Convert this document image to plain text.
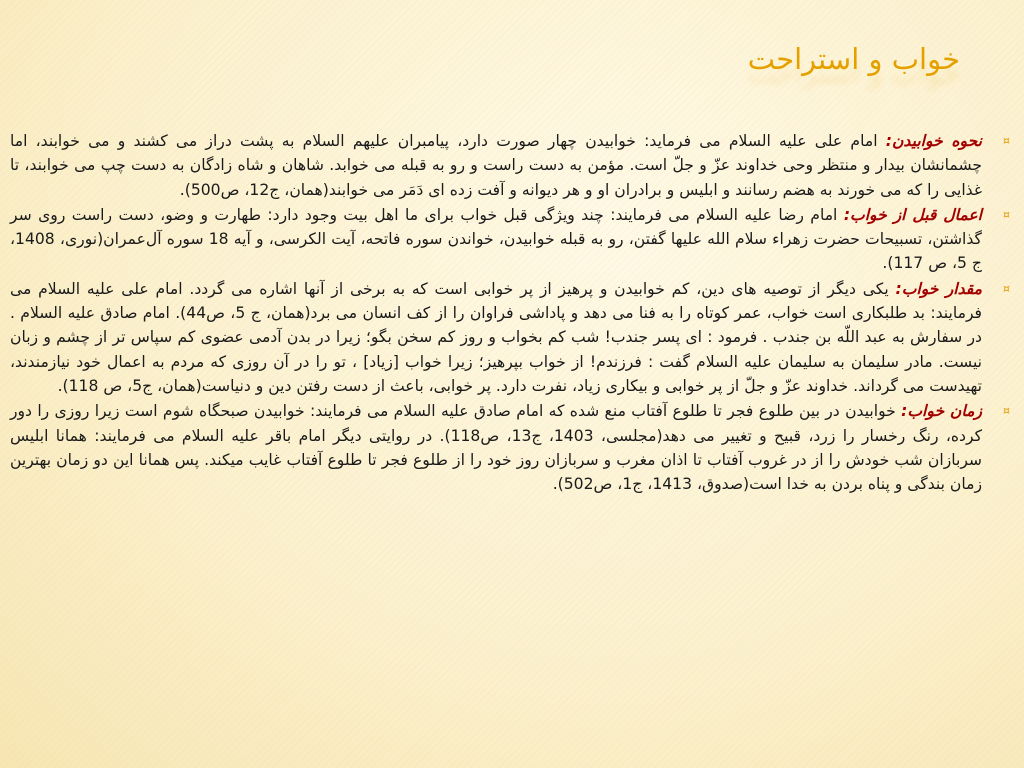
خواب و استراحت
¤
نحوه خوابیدن: امام علی علیه السلام می فرماید: خوابیدن چهار صورت دارد، پیامبران علیهم السلام به پشت دراز می کشند و می خوابند، اما چشمانشان بیدار و منتظر وحی خداوند عزّ و جلّ است. مؤمن به دست راست و رو به قبله می خوابد. شاهان و شاه زادگان به دست چپ می خوابند، تا غذایی را که می خورند به هضم رسانند و ابلیس و برادران او و هر دیوانه و آفت زده ای دَمَر می خوابند(همان، ج12، ص500).
¤
اعمال قبل از خواب: امام رضا علیه السلام می فرمایند: چند ویژگی قبل خواب برای ما اهل بیت وجود دارد: طهارت و وضو، دست راست روی سر گذاشتن، تسبیحات حضرت زهراء سلام الله علیها گفتن، رو به قبله خوابیدن، خواندن سوره فاتحه، آیت الکرسی، و آیه 18 سوره آل‌عمران(نوری، 1408، ج 5، ص 117).
¤
مقدار خواب: یکی دیگر از توصیه های دین، کم خوابیدن و پرهیز از پر خوابی است که به برخی از آنها اشاره می گردد. امام علی علیه السلام می فرمایند: بد طلبکاری است خواب، عمر کوتاه را به فنا می دهد و پاداشی فراوان را از کف انسان می برد(همان، ج 5، ص44). امام صادق علیه السلام . در سفارش به عبد اللّه بن جندب . فرمود : ای پسر جندب! شب کم بخواب و روز کم سخن بگو؛ زیرا در بدن آدمی عضوی کم سپاس تر از چشم و زبان نیست. مادر سلیمان به سلیمان علیه السلام گفت : فرزندم! از خواب بپرهیز؛ زیرا خواب [زیاد] ، تو را در آن روزی که مردم به اعمال خود نیازمندند، تهیدست می گرداند. خداوند عزّ و جلّ از پر خوابی و بیکاری زیاد، نفرت دارد. پر خوابی، باعث از دست رفتن دین و دنیاست(همان، ج5، ص 118).
¤
زمان خواب: خوابیدن در بین طلوع فجر تا طلوع آفتاب منع شده که امام صادق علیه السلام می فرمایند: خوابیدن صبحگاه شوم است زیرا روزی را دور کرده، رنگ رخسار را زرد، قبیح و تغییر می دهد(مجلسی، 1403، ج13، ص118). در روایتی دیگر امام باقر علیه السلام می فرمایند: همانا ابلیس سربازان شب خودش را از در غروب آفتاب تا اذان مغرب و سربازان روز خود را از طلوع فجر تا طلوع آفتاب غایب میکند. پس همانا این دو زمان بهترین زمان بندگی و پناه بردن به خدا است(صدوق، 1413، ج1، ص502).
